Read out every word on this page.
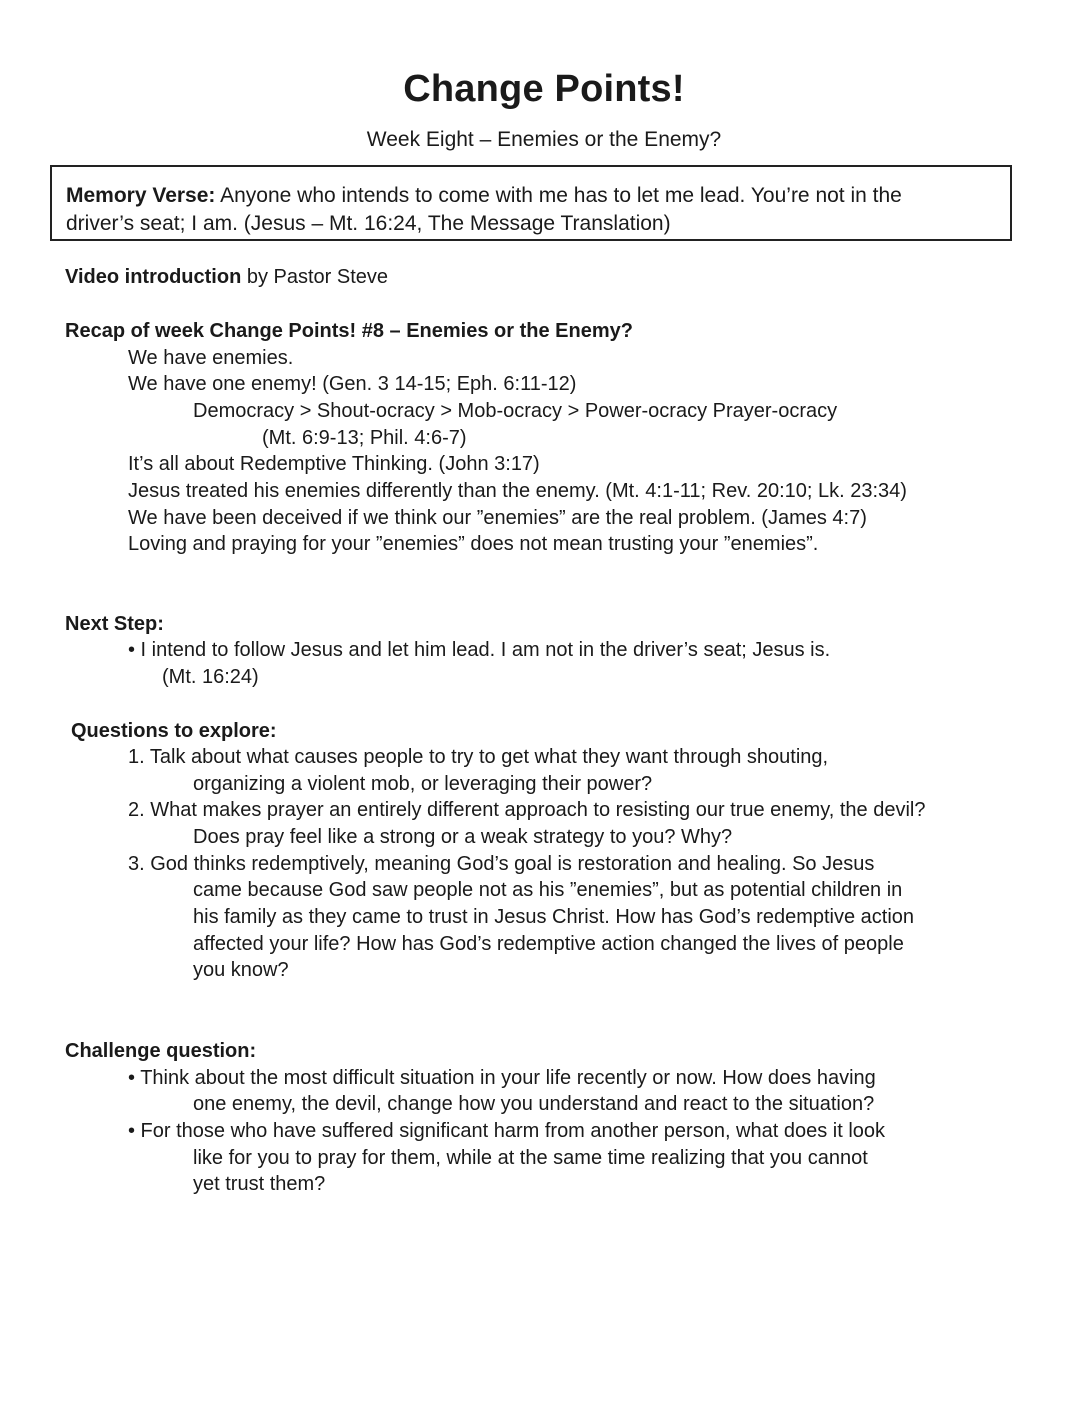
Change Points!
Week Eight – Enemies or the Enemy?
Memory Verse: Anyone who intends to come with me has to let me lead. You’re not in the
driver’s seat; I am. (Jesus – Mt. 16:24, The Message Translation)
Video introduction by Pastor Steve
Recap of week Change Points! #8 – Enemies or the Enemy?
We have enemies.
We have one enemy! (Gen. 3 14-15; Eph. 6:11-12)
Democracy > Shout-ocracy > Mob-ocracy > Power-ocracy Prayer-ocracy
(Mt. 6:9-13; Phil. 4:6-7)
It’s all about Redemptive Thinking. (John 3:17)
Jesus treated his enemies differently than the enemy. (Mt. 4:1-11; Rev. 20:10; Lk. 23:34)
We have been deceived if we think our ”enemies” are the real problem. (James 4:7)
Loving and praying for your ”enemies” does not mean trusting your ”enemies”.
Next Step:
• I intend to follow Jesus and let him lead. I am not in the driver’s seat; Jesus is.
(Mt. 16:24)
Questions to explore:
1. Talk about what causes people to try to get what they want through shouting,
organizing a violent mob, or leveraging their power?
2. What makes prayer an entirely different approach to resisting our true enemy, the devil?
Does pray feel like a strong or a weak strategy to you? Why?
3. God thinks redemptively, meaning God’s goal is restoration and healing. So Jesus
came because God saw people not as his ”enemies”, but as potential children in
his family as they came to trust in Jesus Christ. How has God’s redemptive action
affected your life? How has God’s redemptive action changed the lives of people
you know?
Challenge question:
• Think about the most difficult situation in your life recently or now. How does having
one enemy, the devil, change how you understand and react to the situation?
• For those who have suffered significant harm from another person, what does it look
like for you to pray for them, while at the same time realizing that you cannot
yet trust them?
